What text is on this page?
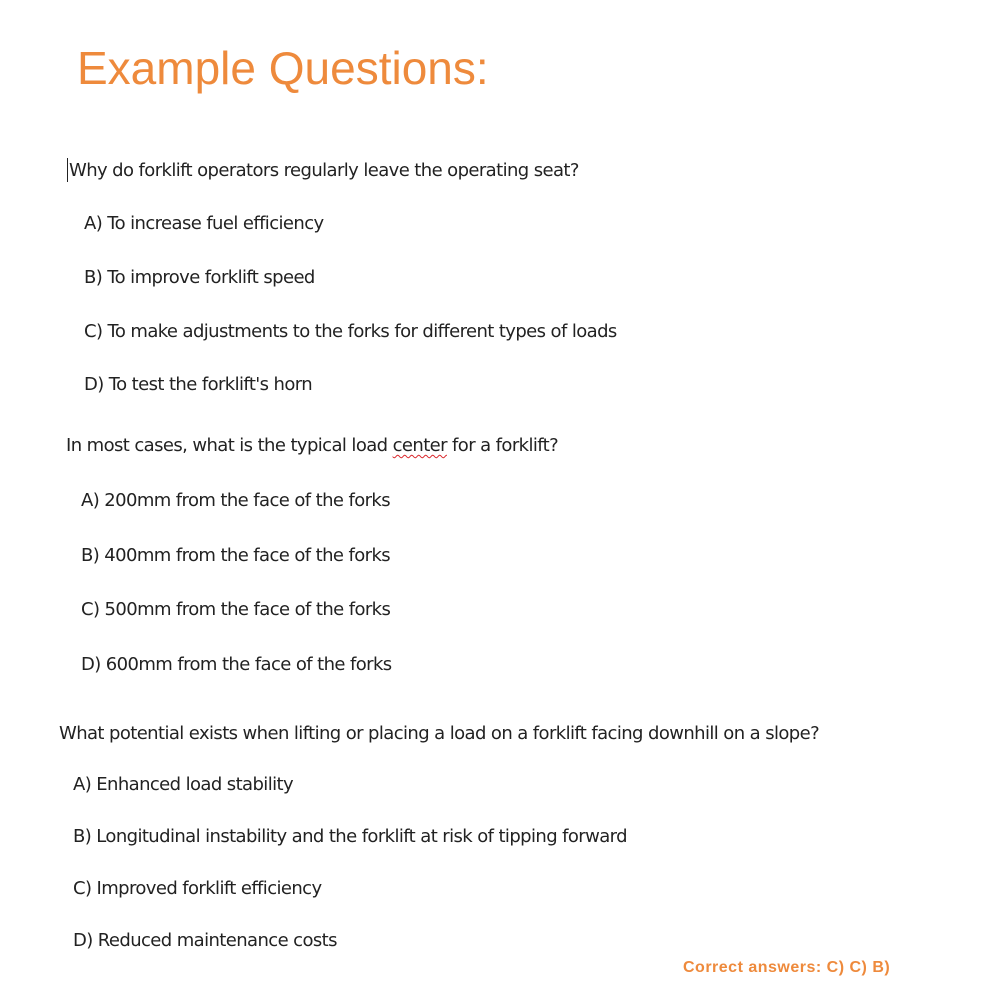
Example Questions:

Why do forklift operators regularly leave the operating seat?

A) To increase fuel efficiency

B) To improve forklift speed

C) To make adjustments to the forks for different types of loads

D) To test the forklift's horn

In most cases, what is the typical load center for a forklift?

A) 200mm from the face of the forks

B) 400mm from the face of the forks

C) 500mm from the face of the forks

D) 600mm from the face of the forks

What potential exists when lifting or placing a load on a forklift facing downhill on a slope?

A) Enhanced load stability

B) Longitudinal instability and the forklift at risk of tipping forward

C) Improved forklift efficiency

D) Reduced maintenance costs

Correct answers: C) C) B)
